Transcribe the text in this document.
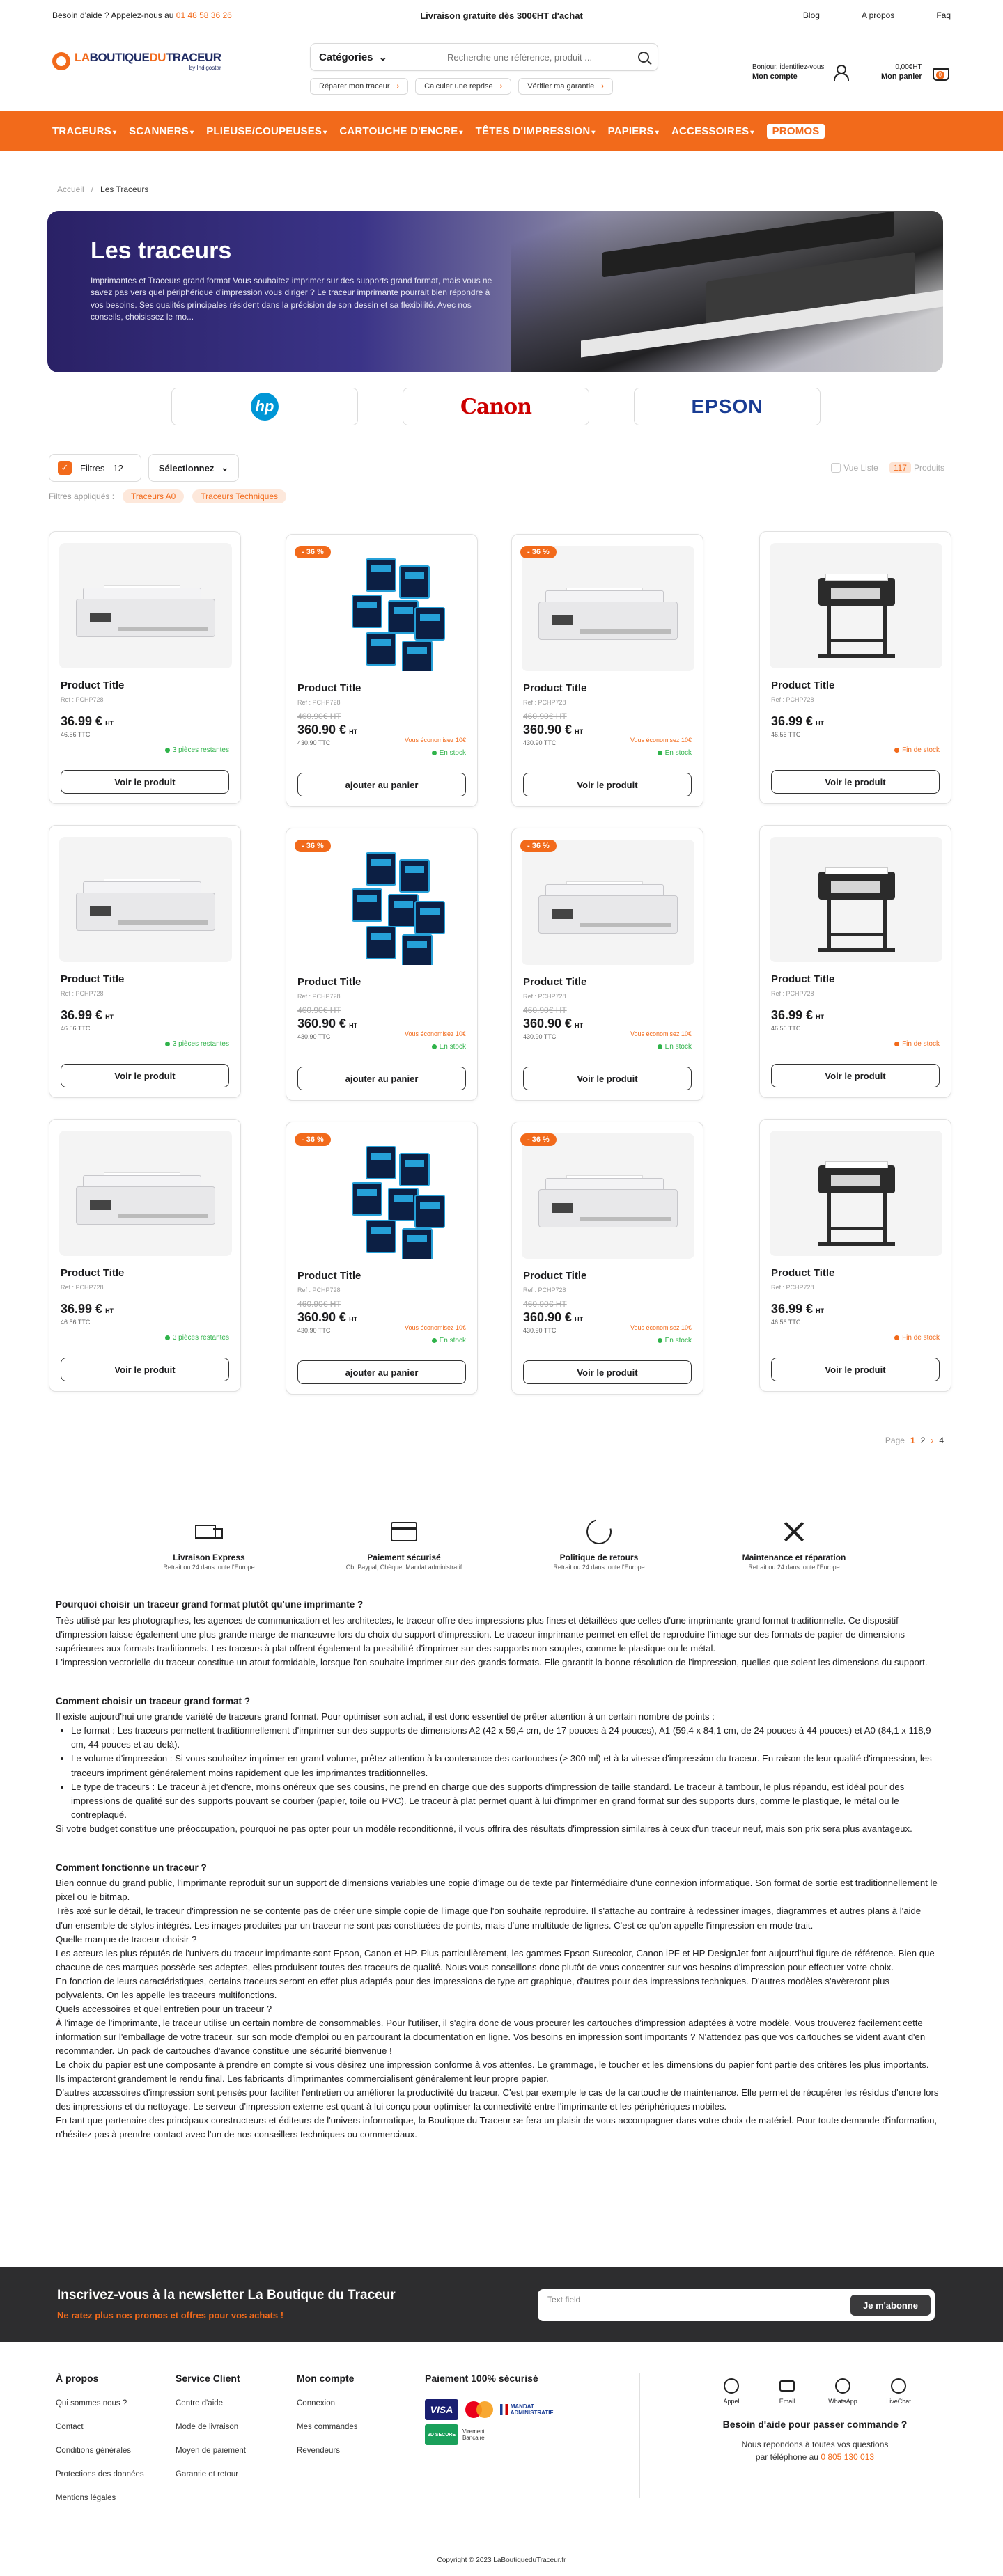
Besoin d'aide ? Appelez-nous au 01 48 58 36 26	Livraison gratuite dès 300€HT d'achat	Blog	A propos	Faq
LABOUTIQUEDUTRACEUR
by Indigostar
Catégories ⌄
Recherche une référence, produit ...
Réparer mon traceur ›	Calculer une reprise ›	Vérifier ma garantie ›
Bonjour, identifiez-vous
Mon compte
0,00€HT
Mon panier	0
TRACEURS ▾ SCANNERS ▾ PLIEUSE/COUPEUSES ▾ CARTOUCHE D'ENCRE ▾ TÊTES D'IMPRESSION ▾ PAPIERS ▾ ACCESSOIRES ▾	PROMOS
Accueil / Les Traceurs
Les traceurs

Imprimantes et Traceurs grand format Vous souhaitez imprimer sur des supports grand format, mais vous ne savez pas vers quel périphérique d'impression vous diriger ? Le traceur imprimante pourrait bien répondre à vos besoins. Ses qualités principales résident dans la précision de son dessin et sa flexibilité. Avec nos conseils, choisissez le mo...

hp	Canon	EPSON
✓	Filtres 12	Sélectionnez ⌄	Vue Liste	117 Produits
Filtres appliqués :	Traceurs A0	Traceurs Techniques
Product Title
Ref : PCHP728
36.99 € HT
46.56 TTC
3 pièces restantes
Voir le produit
- 36 %
Product Title
Ref : PCHP728
460.90€ HT
360.90 € HT
430.90 TTC	Vous économisez 10€
En stock
ajouter au panier
- 36 %
Product Title
Ref : PCHP728
460.90€ HT
360.90 € HT
430.90 TTC	Vous économisez 10€
En stock
Voir le produit
Product Title
Ref : PCHP728
36.99 € HT
46.56 TTC
Fin de stock
Voir le produit
Product Title
Ref : PCHP728
36.99 € HT
46.56 TTC
3 pièces restantes
Voir le produit
- 36 %
Product Title
Ref : PCHP728
460.90€ HT
360.90 € HT
430.90 TTC	Vous économisez 10€
En stock
ajouter au panier
- 36 %
Product Title
Ref : PCHP728
460.90€ HT
360.90 € HT
430.90 TTC	Vous économisez 10€
En stock
Voir le produit
Product Title
Ref : PCHP728
36.99 € HT
46.56 TTC
Fin de stock
Voir le produit
Product Title
Ref : PCHP728
36.99 € HT
46.56 TTC
3 pièces restantes
Voir le produit
- 36 %
Product Title
Ref : PCHP728
460.90€ HT
360.90 € HT
430.90 TTC	Vous économisez 10€
En stock
ajouter au panier
- 36 %
Product Title
Ref : PCHP728
460.90€ HT
360.90 € HT
430.90 TTC	Vous économisez 10€
En stock
Voir le produit
Product Title
Ref : PCHP728
36.99 € HT
46.56 TTC
Fin de stock
Voir le produit
Page 1 2 › 4
Livraison Express
Retrait ou 24 dans toute l'Europe
Paiement sécurisé
Cb, Paypal, Chèque, Mandat administratif
Politique de retours
Retrait ou 24 dans toute l'Europe
Maintenance et réparation
Retrait ou 24 dans toute l'Europe
Pourquoi choisir un traceur grand format plutôt qu'une imprimante ?

Très utilisé par les photographes, les agences de communication et les architectes, le traceur offre des impressions plus fines et détaillées que celles d'une imprimante grand format traditionnelle. Ce dispositif d'impression laisse également une plus grande marge de manœuvre lors du choix du support d'impression. Le traceur imprimante permet en effet de reproduire l'image sur des formats de papier de dimensions supérieures aux formats traditionnels. Les traceurs à plat offrent également la possibilité d'imprimer sur des supports non souples, comme le plastique ou le métal.

L'impression vectorielle du traceur constitue un atout formidable, lorsque l'on souhaite imprimer sur des grands formats. Elle garantit la bonne résolution de l'impression, quelles que soient les dimensions du support.

Comment choisir un traceur grand format ?

Il existe aujourd'hui une grande variété de traceurs grand format. Pour optimiser son achat, il est donc essentiel de prêter attention à un certain nombre de points :

• Le format : Les traceurs permettent traditionnellement d'imprimer sur des supports de dimensions A2 (42 x 59,4 cm, de 17 pouces à 24 pouces), A1 (59,4 x 84,1 cm, de 24 pouces à 44 pouces) et A0 (84,1 x 118,9 cm, 44 pouces et au-delà).
• Le volume d'impression : Si vous souhaitez imprimer en grand volume, prêtez attention à la contenance des cartouches (> 300 ml) et à la vitesse d'impression du traceur. En raison de leur qualité d'impression, les traceurs impriment généralement moins rapidement que les imprimantes traditionnelles.
• Le type de traceurs : Le traceur à jet d'encre, moins onéreux que ses cousins, ne prend en charge que des supports d'impression de taille standard. Le traceur à tambour, le plus répandu, est idéal pour des impressions de qualité sur des supports pouvant se courber (papier, toile ou PVC). Le traceur à plat permet quant à lui d'imprimer en grand format sur des supports durs, comme le plastique, le métal ou le contreplaqué.

Si votre budget constitue une préoccupation, pourquoi ne pas opter pour un modèle reconditionné, il vous offrira des résultats d'impression similaires à ceux d'un traceur neuf, mais son prix sera plus avantageux.

Comment fonctionne un traceur ?

Bien connue du grand public, l'imprimante reproduit sur un support de dimensions variables une copie d'image ou de texte par l'intermédiaire d'une connexion informatique. Son format de sortie est traditionnellement le pixel ou le bitmap.

Très axé sur le détail, le traceur d'impression ne se contente pas de créer une simple copie de l'image que l'on souhaite reproduire. Il s'attache au contraire à redessiner images, diagrammes et autres plans à l'aide d'un ensemble de stylos intégrés. Les images produites par un traceur ne sont pas constituées de points, mais d'une multitude de lignes. C'est ce qu'on appelle l'impression en mode trait.

Quelle marque de traceur choisir ?

Les acteurs les plus réputés de l'univers du traceur imprimante sont Epson, Canon et HP. Plus particulièrement, les gammes Epson Surecolor, Canon iPF et HP DesignJet font aujourd'hui figure de référence. Bien que chacune de ces marques possède ses adeptes, elles produisent toutes des traceurs de qualité. Nous vous conseillons donc plutôt de vous concentrer sur vos besoins d'impression pour effectuer votre choix.

En fonction de leurs caractéristiques, certains traceurs seront en effet plus adaptés pour des impressions de type art graphique, d'autres pour des impressions techniques. D'autres modèles s'avèreront plus polyvalents. On les appelle les traceurs multifonctions.

Quels accessoires et quel entretien pour un traceur ?

À l'image de l'imprimante, le traceur utilise un certain nombre de consommables. Pour l'utiliser, il s'agira donc de vous procurer les cartouches d'impression adaptées à votre modèle. Vous trouverez facilement cette information sur l'emballage de votre traceur, sur son mode d'emploi ou en parcourant la documentation en ligne. Vos besoins en impression sont importants ? N'attendez pas que vos cartouches se vident avant d'en recommander. Un pack de cartouches d'avance constitue une sécurité bienvenue !

Le choix du papier est une composante à prendre en compte si vous désirez une impression conforme à vos attentes. Le grammage, le toucher et les dimensions du papier font partie des critères les plus importants. Ils impacteront grandement le rendu final. Les fabricants d'imprimantes commercialisent généralement leur propre papier.

D'autres accessoires d'impression sont pensés pour faciliter l'entretien ou améliorer la productivité du traceur. C'est par exemple le cas de la cartouche de maintenance. Elle permet de récupérer les résidus d'encre lors des impressions et du nettoyage. Le serveur d'impression externe est quant à lui conçu pour optimiser la connectivité entre l'imprimante et les périphériques mobiles.

En tant que partenaire des principaux constructeurs et éditeurs de l'univers informatique, la Boutique du Traceur se fera un plaisir de vous accompagner dans votre choix de matériel. Pour toute demande d'information, n'hésitez pas à prendre contact avec l'un de nos conseillers techniques ou commerciaux.

Inscrivez-vous à la newsletter La Boutique du Traceur
Ne ratez plus nos promos et offres pour vos achats !
Text field
Je m'abonne
À propos
Qui sommes nous ?
Contact
Conditions générales
Protections des données
Mentions légales
Service Client
Centre d'aide
Mode de livraison
Moyen de paiement
Garantie et retour
Mon compte
Connexion
Mes commandes
Revendeurs
Paiement 100% sécurisé
VISA	MANDAT ADMINISTRATIF
3D SECURE	Virement Bancaire
Appel	Email	WhatsApp	LiveChat
Besoin d'aide pour passer commande ?
Nous repondons à toutes vos questions
par téléphone au 0 805 130 013
Copyright © 2023 LaBoutiqueduTraceur.fr
